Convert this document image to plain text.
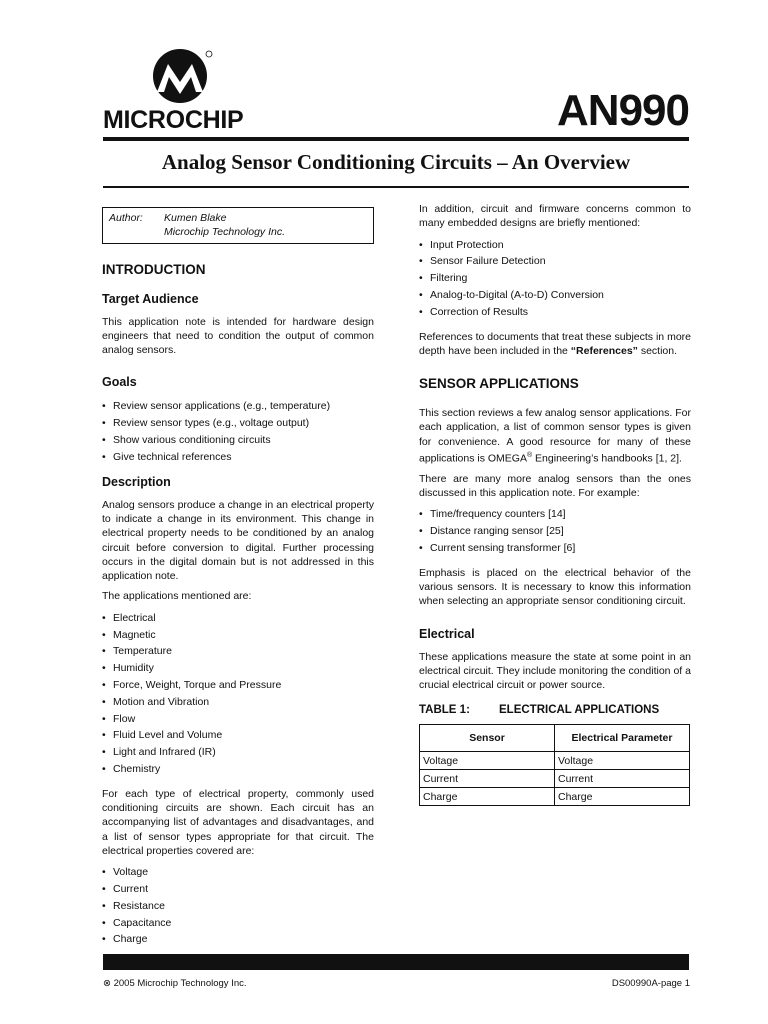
MICROCHIP	AN990
Analog Sensor Conditioning Circuits – An Overview
Author:	Kumen Blake
Microchip Technology Inc.
INTRODUCTION
Target Audience

This application note is intended for hardware design engineers that need to condition the output of common analog sensors.

Goals
• Review sensor applications (e.g., temperature)
• Review sensor types (e.g., voltage output)
• Show various conditioning circuits
• Give technical references
Description

Analog sensors produce a change in an electrical property to indicate a change in its environment. This change in electrical property needs to be conditioned by an analog circuit before conversion to digital. Further processing occurs in the digital domain but is not addressed in this application note.

The applications mentioned are:

• Electrical
• Magnetic
• Temperature
• Humidity
• Force, Weight, Torque and Pressure
• Motion and Vibration
• Flow
• Fluid Level and Volume
• Light and Infrared (IR)
• Chemistry

For each type of electrical property, commonly used conditioning circuits are shown. Each circuit has an accompanying list of advantages and disadvantages, and a list of sensor types appropriate for that circuit. The electrical properties covered are:

• Voltage
• Current
• Resistance
• Capacitance
• Charge

In addition, circuit and firmware concerns common to many embedded designs are briefly mentioned:

• Input Protection
• Sensor Failure Detection
• Filtering
• Analog-to-Digital (A-to-D) Conversion
• Correction of Results

References to documents that treat these subjects in more depth have been included in the “References” section.

SENSOR APPLICATIONS

This section reviews a few analog sensor applications. For each application, a list of common sensor types is given for convenience. A good resource for many of these applications is OMEGA® Engineering’s handbooks [1, 2].

There are many more analog sensors than the ones discussed in this application note. For example:

• Time/frequency counters [14]
• Distance ranging sensor [25]
• Current sensing transformer [6]

Emphasis is placed on the electrical behavior of the various sensors. It is necessary to know this information when selecting an appropriate sensor conditioning circuit.

Electrical

These applications measure the state at some point in an electrical circuit. They include monitoring the condition of a crucial electrical circuit or power source.

TABLE 1:	ELECTRICAL APPLICATIONS
Sensor	Electrical Parameter
Voltage	Voltage
Current	Current
Charge	Charge
⊗ 2005 Microchip Technology Inc.	DS00990A-page 1
